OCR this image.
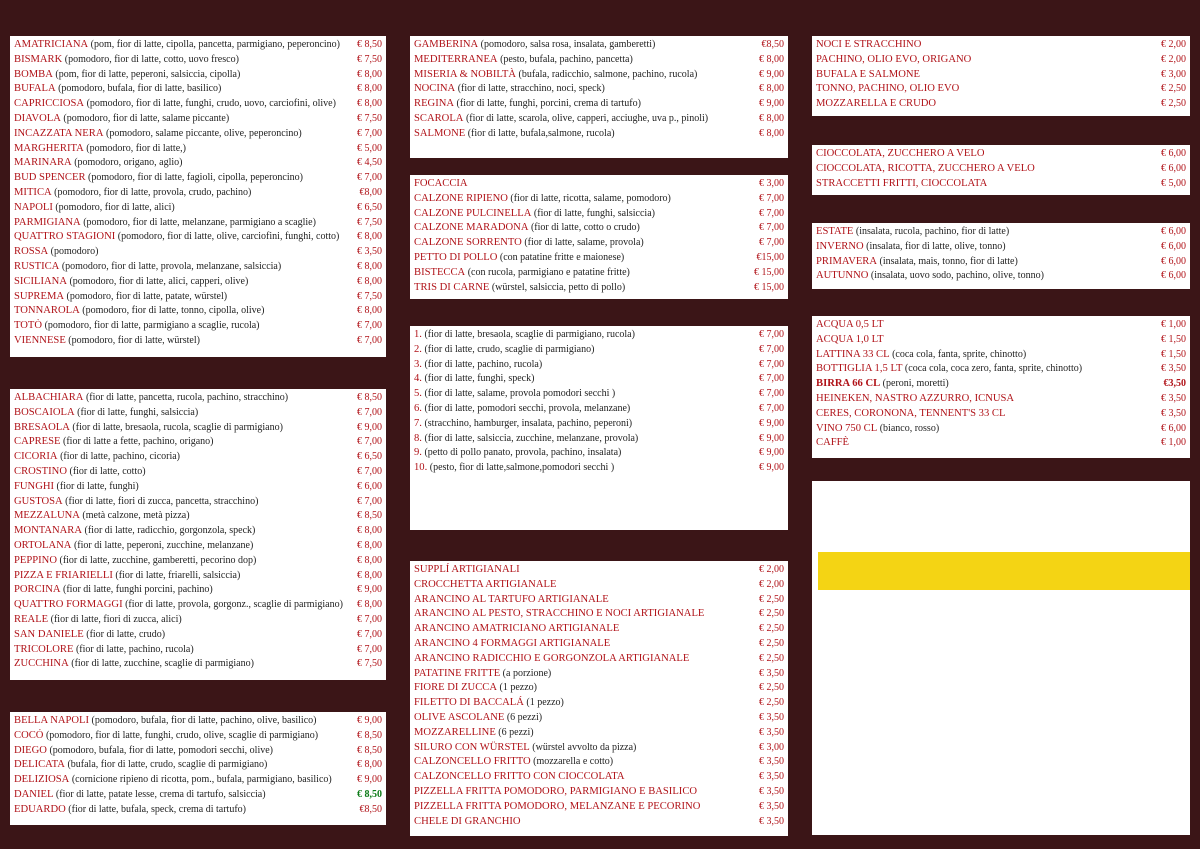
AMATRICIANA (pom, fior di latte, cipolla, pancetta, parmigiano, peperoncino) € 8,50
BISMARK (pomodoro, fior di latte, cotto, uovo fresco)	€ 7,50
BOMBA (pom, fior di latte, peperoni, salsiccia, cipolla)	€ 8,00
BUFALA (pomodoro, bufala, fior di latte, basilico)	€ 8,00
CAPRICCIOSA (pomodoro, fior di latte, funghi, crudo, uovo, carciofini, olive) € 8,00
DIAVOLA (pomodoro, fior di latte, salame piccante)	€ 7,50
INCAZZATA NERA (pomodoro, salame piccante, olive, peperoncino)	€ 7,00
MARGHERITA (pomodoro, fior di latte,)	€ 5,00
MARINARA (pomodoro, origano, aglio)	€ 4,50
BUD SPENCER (pomodoro, fior di latte, fagioli, cipolla, peperoncino)	€ 7,00
MITICA (pomodoro, fior di latte, provola, crudo, pachino)	€8,00
NAPOLI (pomodoro, fior di latte, alici)	€ 6,50
PARMIGIANA (pomodoro, fior di latte, melanzane, parmigiano a scaglie)	€ 7,50
QUATTRO STAGIONI (pomodoro, fior di latte, olive, carciofini, funghi, cotto) € 8,00
ROSSA (pomodoro)	€ 3,50
RUSTICA (pomodoro, fior di latte, provola, melanzane, salsiccia)	€ 8,00
SICILIANA (pomodoro, fior di latte, alici, capperi, olive)	€ 8,00
SUPREMA (pomodoro, fior di latte, patate, würstel)	€ 7,50
TONNAROLA (pomodoro, fior di latte, tonno, cipolla, olive)	€ 8,00
TOTÒ (pomodoro, fior di latte, parmigiano a scaglie, rucola)	€ 7,00
VIENNESE (pomodoro, fior di latte, würstel)	€ 7,00
ALBACHIARA (fior di latte, pancetta, rucola, pachino, stracchino)	€ 8,50
BOSCAIOLA (fior di latte, funghi, salsiccia)	€ 7,00
BRESAOLA (fior di latte, bresaola, rucola, scaglie di parmigiano)	€ 9,00
CAPRESE (fior di latte a fette, pachino, origano)	€ 7,00
CICORIA (fior di latte, pachino, cicoria)	€ 6,50
CROSTINO (fior di latte, cotto)	€ 7,00
FUNGHI (fior di latte, funghi)	€ 6,00
GUSTOSA (fior di latte, fiori di zucca, pancetta, stracchino)	€ 7,00
MEZZALUNA (metà calzone, metà pizza)	€ 8,50
MONTANARA (fior di latte, radicchio, gorgonzola, speck)	€ 8,00
ORTOLANA (fior di latte, peperoni, zucchine, melanzane)	€ 8,00
PEPPINO (fior di latte, zucchine, gamberetti, pecorino dop)	€ 8,00
PIZZA E FRIARIELLI (fior di latte, friarelli, salsiccia)	€ 8,00
PORCINA (fior di latte, funghi porcini, pachino)	€ 9,00
QUATTRO FORMAGGI (fior di latte, provola, gorgonz., scaglie di parmigiano) € 8,00
REALE (fior di latte, fiori di zucca, alici)	€ 7,00
SAN DANIELE (fior di latte, crudo)	€ 7,00
TRICOLORE (fior di latte, pachino, rucola)	€ 7,00
ZUCCHINA (fior di latte, zucchine, scaglie di parmigiano)	€ 7,50
BELLA NAPOLI (pomodoro, bufala, fior di latte, pachino, olive, basilico)	€ 9,00
COCÓ (pomodoro, fior di latte, funghi, crudo, olive, scaglie di parmigiano)	€ 8,50
DIEGO (pomodoro, bufala, fior di latte, pomodori secchi, olive)	€ 8,50
DELICATA (bufala, fior di latte, crudo, scaglie di parmigiano)	€ 8,00
DELIZIOSA (cornicione ripieno di ricotta, pom., bufala, parmigiano, basilico)	€ 9,00
DANIEL (fior di latte, patate lesse, crema di tartufo, salsiccia)	€ 8,50
EDUARDO (fior di latte, bufala, speck, crema di tartufo)	€8,50
GAMBERINA (pomodoro, salsa rosa, insalata, gamberetti)	€8,50
MEDITERRANEA (pesto, bufala, pachino, pancetta)	€ 8,00
MISERIA & NOBILTÀ (bufala, radicchio, salmone, pachino, rucola)	€ 9,00
NOCINA (fior di latte, stracchino, noci, speck)	€ 8,00
REGINA (fior di latte, funghi, porcini, crema di tartufo)	€ 9,00
SCAROLA (fior di latte, scarola, olive, capperi, acciughe, uva p., pinoli)	€ 8,00
SALMONE (fior di latte, bufala,salmone, rucola)	€ 8,00
FOCACCIA	€ 3,00
CALZONE RIPIENO (fior di latte, ricotta, salame, pomodoro)	€ 7,00
CALZONE PULCINELLA (fior di latte, funghi, salsiccia)	€ 7,00
CALZONE MARADONA (fior di latte, cotto o crudo)	€ 7,00
CALZONE SORRENTO (fior di latte, salame, provola)	€ 7,00
PETTO DI POLLO (con patatine fritte e maionese)	€15,00
BISTECCA (con rucola, parmigiano e patatine fritte)	€ 15,00
TRIS DI CARNE (würstel, salsiccia, petto di pollo)	€ 15,00
1. (fior di latte, bresaola, scaglie di parmigiano, rucola)	€ 7,00
2. (fior di latte, crudo, scaglie di parmigiano)	€ 7,00
3. (fior di latte, pachino, rucola)	€ 7,00
4. (fior di latte, funghi, speck)	€ 7,00
5. (fior di latte, salame, provola pomodori secchi )	€ 7,00
6. (fior di latte, pomodori secchi, provola, melanzane)	€ 7,00
7. (stracchino, hamburger, insalata, pachino, peperoni)	€ 9,00
8. (fior di latte, salsiccia, zucchine, melanzane, provola)	€ 9,00
9. (petto di pollo panato, provola, pachino, insalata)	€ 9,00
10. (pesto, fior di latte,salmone,pomodori secchi )	€ 9,00
SUPPLÍ ARTIGIANALI	€ 2,00
CROCCHETTA ARTIGIANALE	€ 2,00
ARANCINO AL TARTUFO ARTIGIANALE	€ 2,50
ARANCINO AL PESTO, STRACCHINO E NOCI ARTIGIANALE	€ 2,50
ARANCINO AMATRICIANO ARTIGIANALE	€ 2,50
ARANCINO 4 FORMAGGI ARTIGIANALE	€ 2,50
ARANCINO RADICCHIO E GORGONZOLA ARTIGIANALE	€ 2,50
PATATINE FRITTE (a porzione)	€ 3,50
FIORE DI ZUCCA (1 pezzo)	€ 2,50
FILETTO DI BACCALÁ (1 pezzo)	€ 2,50
OLIVE ASCOLANE (6 pezzi)	€ 3,50
MOZZARELLINE (6 pezzi)	€ 3,50
SILURO CON WÜRSTEL (würstel avvolto da pizza)	€ 3,00
CALZONCELLO FRITTO (mozzarella e cotto)	€ 3,50
CALZONCELLO FRITTO CON CIOCCOLATA	€ 3,50
PIZZELLA FRITTA POMODORO, PARMIGIANO E BASILICO	€ 3,50
PIZZELLA FRITTA POMODORO, MELANZANE E PECORINO	€ 3,50
CHELE DI GRANCHIO	€ 3,50
NOCI E STRACCHINO	€ 2,00
PACHINO, OLIO EVO, ORIGANO	€ 2,00
BUFALA E SALMONE	€ 3,00
TONNO, PACHINO, OLIO EVO	€ 2,50
MOZZARELLA E CRUDO	€ 2,50
CIOCCOLATA, ZUCCHERO A VELO	€ 6,00
CIOCCOLATA, RICOTTA, ZUCCHERO A VELO	€ 6,00
STRACCETTI FRITTI, CIOCCOLATA	€ 5,00
ESTATE (insalata, rucola, pachino, fior di latte)	€ 6,00
INVERNO (insalata, fior di latte, olive, tonno)	€ 6,00
PRIMAVERA (insalata, mais, tonno, fior di latte)	€ 6,00
AUTUNNO (insalata, uovo sodo, pachino, olive, tonno)	€ 6,00
ACQUA 0,5 LT	€ 1,00
ACQUA 1,0 LT	€ 1,50
LATTINA 33 CL (coca cola, fanta, sprite, chinotto)	€ 1,50
BOTTIGLIA 1,5 LT (coca cola, coca zero, fanta, sprite, chinotto)	€ 3,50
BIRRA 66 CL (peroni, moretti)	€3,50
HEINEKEN, NASTRO AZZURRO, ICNUSA	€ 3,50
CERES, CORONONA, TENNENT'S 33 CL	€ 3,50
VINO 750 CL (bianco, rosso)	€ 6,00
CAFFÈ	€ 1,00
